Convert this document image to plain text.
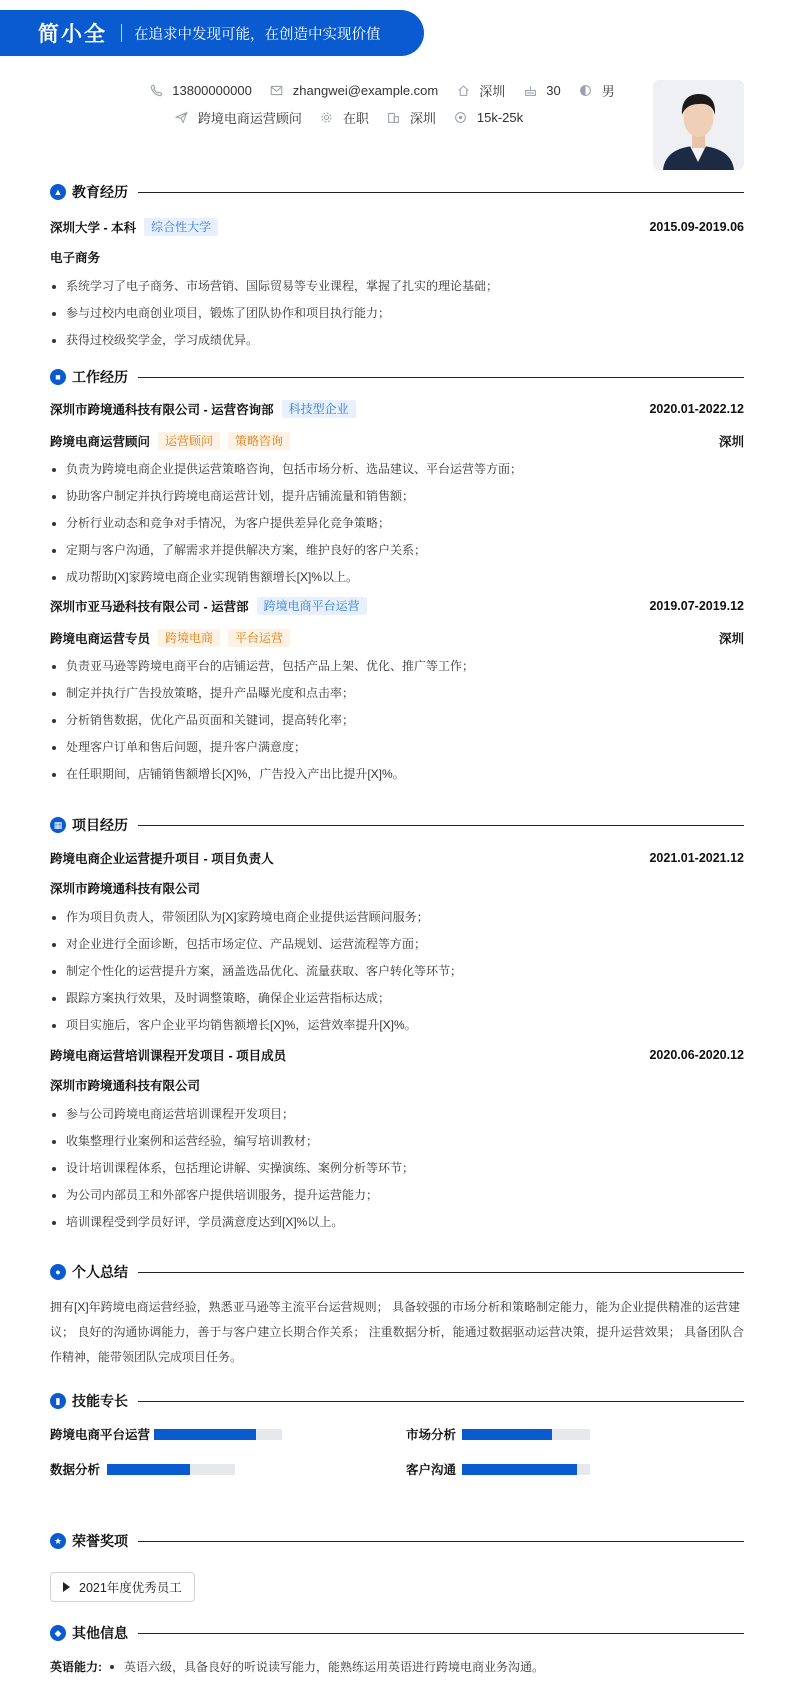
简小全 在追求中发现可能，在创造中实现价值
13800000000	zhangwei@example.com	深圳	30	男
跨境电商运营顾问	在职	深圳	15k-25k
▲ 教育经历
深圳大学 - 本科	综合性大学	2015.09-2019.06
电子商务
系统学习了电子商务、市场营销、国际贸易等专业课程，掌握了扎实的理论基础；
参与过校内电商创业项目，锻炼了团队协作和项目执行能力；
获得过校级奖学金，学习成绩优异。
■ 工作经历
深圳市跨境通科技有限公司 - 运营咨询部	科技型企业	2020.01-2022.12
跨境电商运营顾问	运营顾问	策略咨询	深圳
负责为跨境电商企业提供运营策略咨询，包括市场分析、选品建议、平台运营等方面；
协助客户制定并执行跨境电商运营计划，提升店铺流量和销售额；
分析行业动态和竞争对手情况，为客户提供差异化竞争策略；
定期与客户沟通，了解需求并提供解决方案，维护良好的客户关系；
成功帮助[X]家跨境电商企业实现销售额增长[X]%以上。
深圳市亚马逊科技有限公司 - 运营部	跨境电商平台运营	2019.07-2019.12
跨境电商运营专员	跨境电商	平台运营	深圳
负责亚马逊等跨境电商平台的店铺运营，包括产品上架、优化、推广等工作；
制定并执行广告投放策略，提升产品曝光度和点击率；
分析销售数据，优化产品页面和关键词，提高转化率；
处理客户订单和售后问题，提升客户满意度；
在任职期间，店铺销售额增长[X]%，广告投入产出比提升[X]%。
▦ 项目经历
跨境电商企业运营提升项目 - 项目负责人	2021.01-2021.12
深圳市跨境通科技有限公司
作为项目负责人，带领团队为[X]家跨境电商企业提供运营顾问服务；
对企业进行全面诊断，包括市场定位、产品规划、运营流程等方面；
制定个性化的运营提升方案，涵盖选品优化、流量获取、客户转化等环节；
跟踪方案执行效果，及时调整策略，确保企业运营指标达成；
项目实施后，客户企业平均销售额增长[X]%，运营效率提升[X]%。
跨境电商运营培训课程开发项目 - 项目成员	2020.06-2020.12
深圳市跨境通科技有限公司
参与公司跨境电商运营培训课程开发项目；
收集整理行业案例和运营经验，编写培训教材；
设计培训课程体系，包括理论讲解、实操演练、案例分析等环节；
为公司内部员工和外部客户提供培训服务，提升运营能力；
培训课程受到学员好评，学员满意度达到[X]%以上。
● 个人总结
拥有[X]年跨境电商运营经验，熟悉亚马逊等主流平台运营规则； 具备较强的市场分析和策略制定能力，能为企业提供精准的运营建
议； 良好的沟通协调能力，善于与客户建立长期合作关系； 注重数据分析，能通过数据驱动运营决策，提升运营效果； 具备团队合
作精神，能带领团队完成项目任务。
▮ 技能专长
跨境电商平台运营	市场分析
数据分析	客户沟通
★ 荣誉奖项
2021年度优秀员工
◆ 其他信息
英语能力: 英语六级，具备良好的听说读写能力，能熟练运用英语进行跨境电商业务沟通。
